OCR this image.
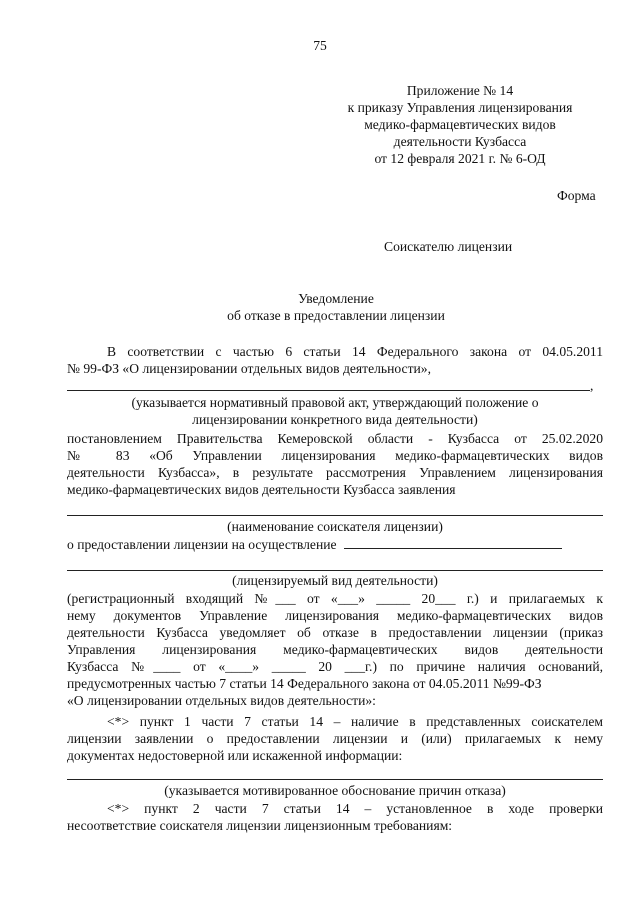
75
Приложение № 14
к приказу Управления лицензирования
медико-фармацевтических видов
деятельности Кузбасса
от 12 февраля 2021 г. № 6-ОД
Форма
Соискателю лицензии
Уведомление
об отказе в предоставлении лицензии
В соответствии с частью 6 статьи 14 Федерального закона от 04.05.2011
№ 99-ФЗ «О лицензировании отдельных видов деятельности»,
,
(указывается нормативный правовой акт, утверждающий положение о
лицензировании конкретного вида деятельности)
постановлением Правительства Кемеровской области - Кузбасса от 25.02.2020
№ 83 «Об Управлении лицензирования медико-фармацевтических видов
деятельности Кузбасса», в результате рассмотрения Управлением лицензирования
медико-фармацевтических видов деятельности Кузбасса заявления
(наименование соискателя лицензии)
о предоставлении лицензии на осуществление
(лицензируемый вид деятельности)
(регистрационный входящий №___ от «___» _____ 20___ г.) и прилагаемых к
нему документов Управление лицензирования медико-фармацевтических видов
деятельности Кузбасса уведомляет об отказе в предоставлении лицензии (приказ
Управления лицензирования медико-фармацевтических видов деятельности
Кузбасса №____ от «____» _____ 20 ___г.) по причине наличия оснований,
предусмотренных частью 7 статьи 14 Федерального закона от 04.05.2011 №99-ФЗ
«О лицензировании отдельных видов деятельности»:
<*> пункт 1 части 7 статьи 14 – наличие в представленных соискателем
лицензии заявлении о предоставлении лицензии и (или) прилагаемых к нему
документах недостоверной или искаженной информации:
(указывается мотивированное обоснование причин отказа)
<*> пункт 2 части 7 статьи 14 – установленное в ходе проверки
несоответствие соискателя лицензии лицензионным требованиям:
